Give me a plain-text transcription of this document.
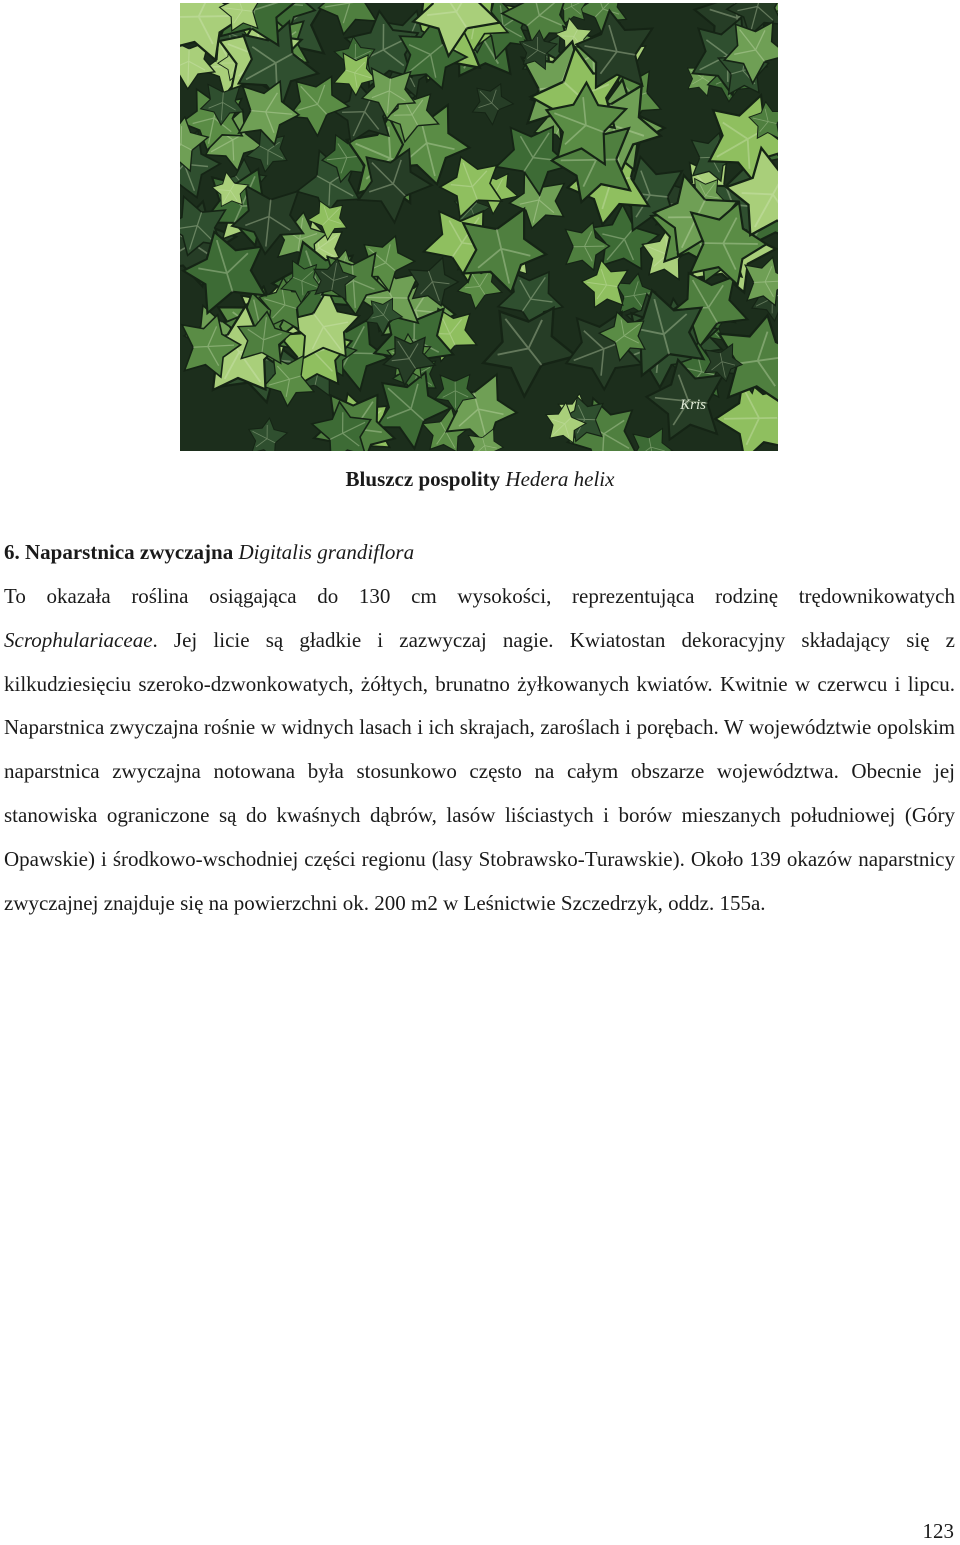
Kris
Bluszcz pospolity Hedera helix
6. Naparstnica zwyczajna Digitalis grandiflora
To okazała roślina osiągająca do 130 cm wysokości, reprezentująca rodzinę trędownikowatych Scrophulariaceae. Jej licie są gładkie i zazwyczaj nagie. Kwiatostan dekoracyjny składający się z kilkudziesięciu szeroko-dzwonkowatych, żółtych, brunatno żyłkowanych kwiatów. Kwitnie w czerwcu i lipcu. Naparstnica zwyczajna rośnie w widnych lasach i ich skrajach, zaroślach i porębach. W województwie opolskim naparstnica zwyczajna notowana była stosunkowo często na całym obszarze województwa. Obecnie jej stanowiska ograniczone są do kwaśnych dąbrów, lasów liściastych i borów mieszanych południowej (Góry Opawskie) i środkowo-wschodniej części regionu (lasy Stobrawsko-Turawskie). Około 139 okazów naparstnicy zwyczajnej znajduje się na powierzchni ok. 200 m2 w Leśnictwie Szczedrzyk, oddz. 155a.
123
